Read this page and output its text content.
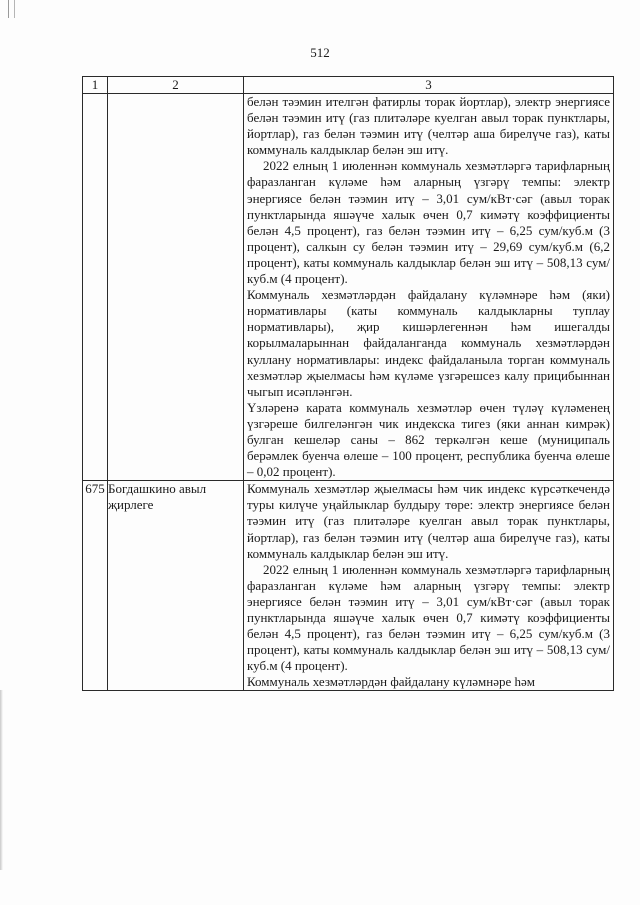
512
1	2	3

		белән тәэмин ителгән фатирлы торак йортлар), электр энергиясе белән тәэмин итү (газ плитәләре куелган авыл торак пунктлары, йортлар), газ белән тәэмин итү (челтәр аша бирелүче газ), каты коммуналь калдыклар белән эш итү.

2022 елның 1 июленнән коммуналь хезмәтләргә тарифларның фаразланган күләме һәм аларның үзгәрү темпы: электр энергиясе белән тәэмин итү – 3,01 сум/кВт·сәг (авыл торак пунктларында яшәүче халык өчен 0,7 кимәтү коэффициенты белән 4,5 процент), газ белән тәэмин итү – 6,25 сум/куб.м (3 процент), салкын су белән тәэмин итү – 29,69 сум/куб.м (6,2 процент), каты коммуналь калдыклар белән эш итү – 508,13 сум/куб.м (4 процент).

Коммуналь хезмәтләрдән файдалану күләмнәре һәм (яки) нормативлары (каты коммуналь калдыкларны туплау нормативлары), җир кишәрлегеннән һәм ишегалды корылмаларыннан файдаланганда коммуналь хезмәтләрдән куллану нормативлары: индекс файдаланыла торган коммуналь хезмәтләр җыелмасы һәм күләме үзгәрешсез калу прицибыннан чыгып исәпләнгән.

Үзләренә карата коммуналь хезмәтләр өчен түләү күләменең үзгәреше билгеләнгән чик индекска тигез (яки аннан кимрәк) булган кешеләр саны – 862 теркәлгән кеше (муниципаль берәмлек буенча өлеше – 100 процент, республика буенча өлеше – 0,02 процент).

675	Богдашкино авыл җирлеге	Коммуналь хезмәтләр җыелмасы һәм чик индекс күрсәткечендә туры килүче уңайлыклар булдыру төре: электр энергиясе белән тәэмин итү (газ плитәләре куелган авыл торак пунктлары, йортлар), газ белән тәэмин итү (челтәр аша бирелүче газ), каты коммуналь калдыклар белән эш итү.

2022 елның 1 июленнән коммуналь хезмәтләргә тарифларның фаразланган күләме һәм аларның үзгәрү темпы: электр энергиясе белән тәэмин итү – 3,01 сум/кВт·сәг (авыл торак пунктларында яшәүче халык өчен 0,7 кимәтү коэффициенты белән 4,5 процент), газ белән тәэмин итү – 6,25 сум/куб.м (3 процент), каты коммуналь калдыклар белән эш итү – 508,13 сум/куб.м (4 процент).

Коммуналь хезмәтләрдән файдалану күләмнәре һәм
